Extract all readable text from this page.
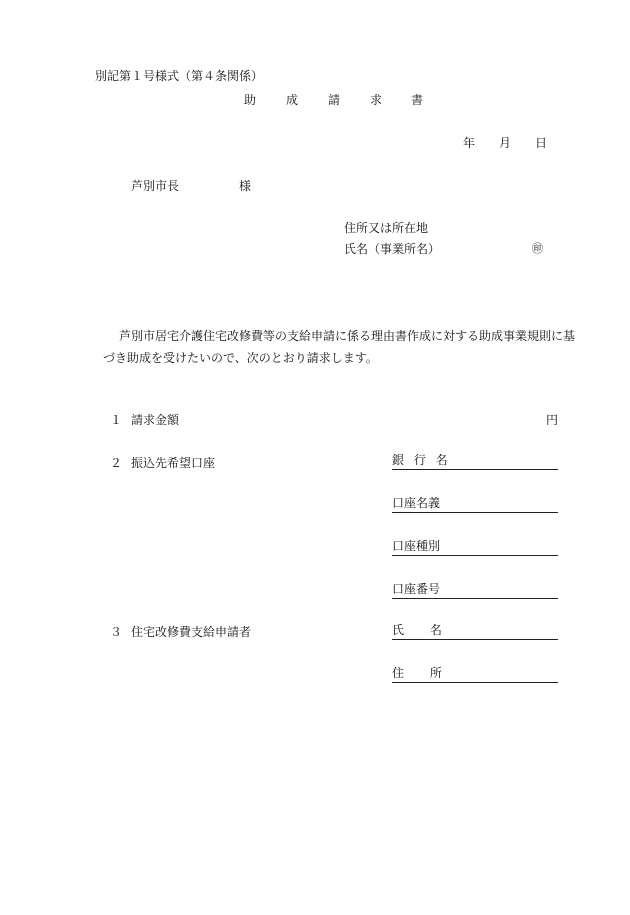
別記第１号様式（第４条関係）
助 成 請 求 書
年 月 日
芦別市長	様
住所又は所在地
氏名（事業所名）	㊞
芦別市居宅介護住宅改修費等の支給申請に係る理由書作成に対する助成事業規則に基
づき助成を受けたいので、次のとおり請求します。
１ 請求金額	円
２ 振込先希望口座	銀 行 名
口座名義
口座種別
口座番号
３ 住宅改修費支給申請者	氏 名
住 所
